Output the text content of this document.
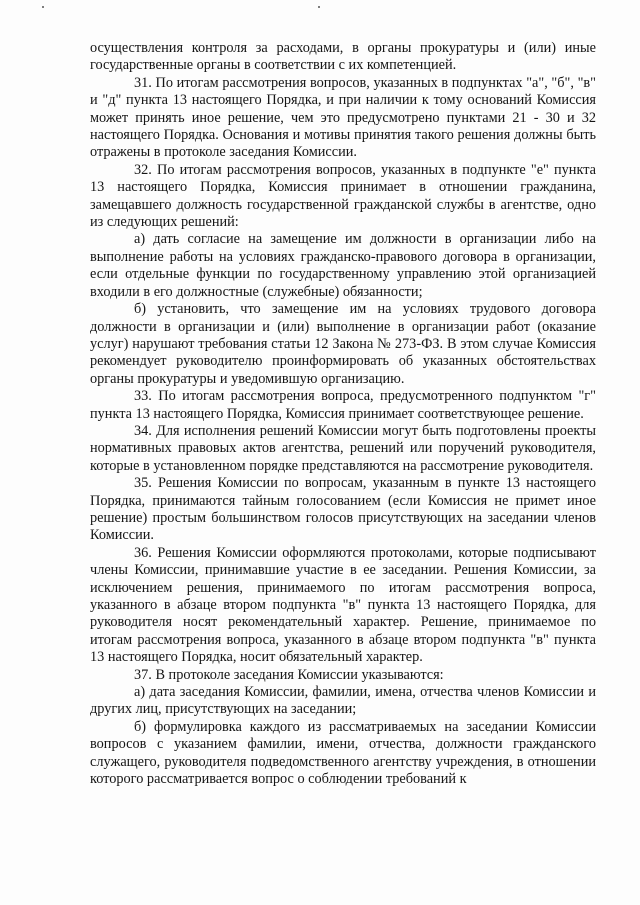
осуществления контроля за расходами, в органы прокуратуры и (или) иные государственные органы в соответствии с их компетенцией.

31. По итогам рассмотрения вопросов, указанных в подпунктах "а", "б", "в" и "д" пункта 13 настоящего Порядка, и при наличии к тому оснований Комиссия может принять иное решение, чем это предусмотрено пунктами 21 - 30 и 32 настоящего Порядка. Основания и мотивы принятия такого решения должны быть отражены в протоколе заседания Комиссии.

32. По итогам рассмотрения вопросов, указанных в подпункте "е" пункта 13 настоящего Порядка, Комиссия принимает в отношении гражданина, замещавшего должность государственной гражданской службы в агентстве, одно из следующих решений:

а) дать согласие на замещение им должности в организации либо на выполнение работы на условиях гражданско-правового договора в организации, если отдельные функции по государственному управлению этой организацией входили в его должностные (служебные) обязанности;

б) установить, что замещение им на условиях трудового договора должности в организации и (или) выполнение в организации работ (оказание услуг) нарушают требования статьи 12 Закона № 273-ФЗ. В этом случае Комиссия рекомендует руководителю проинформировать об указанных обстоятельствах органы прокуратуры и уведомившую организацию.

33. По итогам рассмотрения вопроса, предусмотренного подпунктом "г" пункта 13 настоящего Порядка, Комиссия принимает соответствующее решение.

34. Для исполнения решений Комиссии могут быть подготовлены проекты нормативных правовых актов агентства, решений или поручений руководителя, которые в установленном порядке представляются на рассмотрение руководителя.

35. Решения Комиссии по вопросам, указанным в пункте 13 настоящего Порядка, принимаются тайным голосованием (если Комиссия не примет иное решение) простым большинством голосов присутствующих на заседании членов Комиссии.

36. Решения Комиссии оформляются протоколами, которые подписывают члены Комиссии, принимавшие участие в ее заседании. Решения Комиссии, за исключением решения, принимаемого по итогам рассмотрения вопроса, указанного в абзаце втором подпункта "в" пункта 13 настоящего Порядка, для руководителя носят рекомендательный характер. Решение, принимаемое по итогам рассмотрения вопроса, указанного в абзаце втором подпункта "в" пункта 13 настоящего Порядка, носит обязательный характер.

37. В протоколе заседания Комиссии указываются:

а) дата заседания Комиссии, фамилии, имена, отчества членов Комиссии и других лиц, присутствующих на заседании;

б) формулировка каждого из рассматриваемых на заседании Комиссии вопросов с указанием фамилии, имени, отчества, должности гражданского служащего, руководителя подведомственного агентству учреждения, в отношении которого рассматривается вопрос о соблюдении требований к
